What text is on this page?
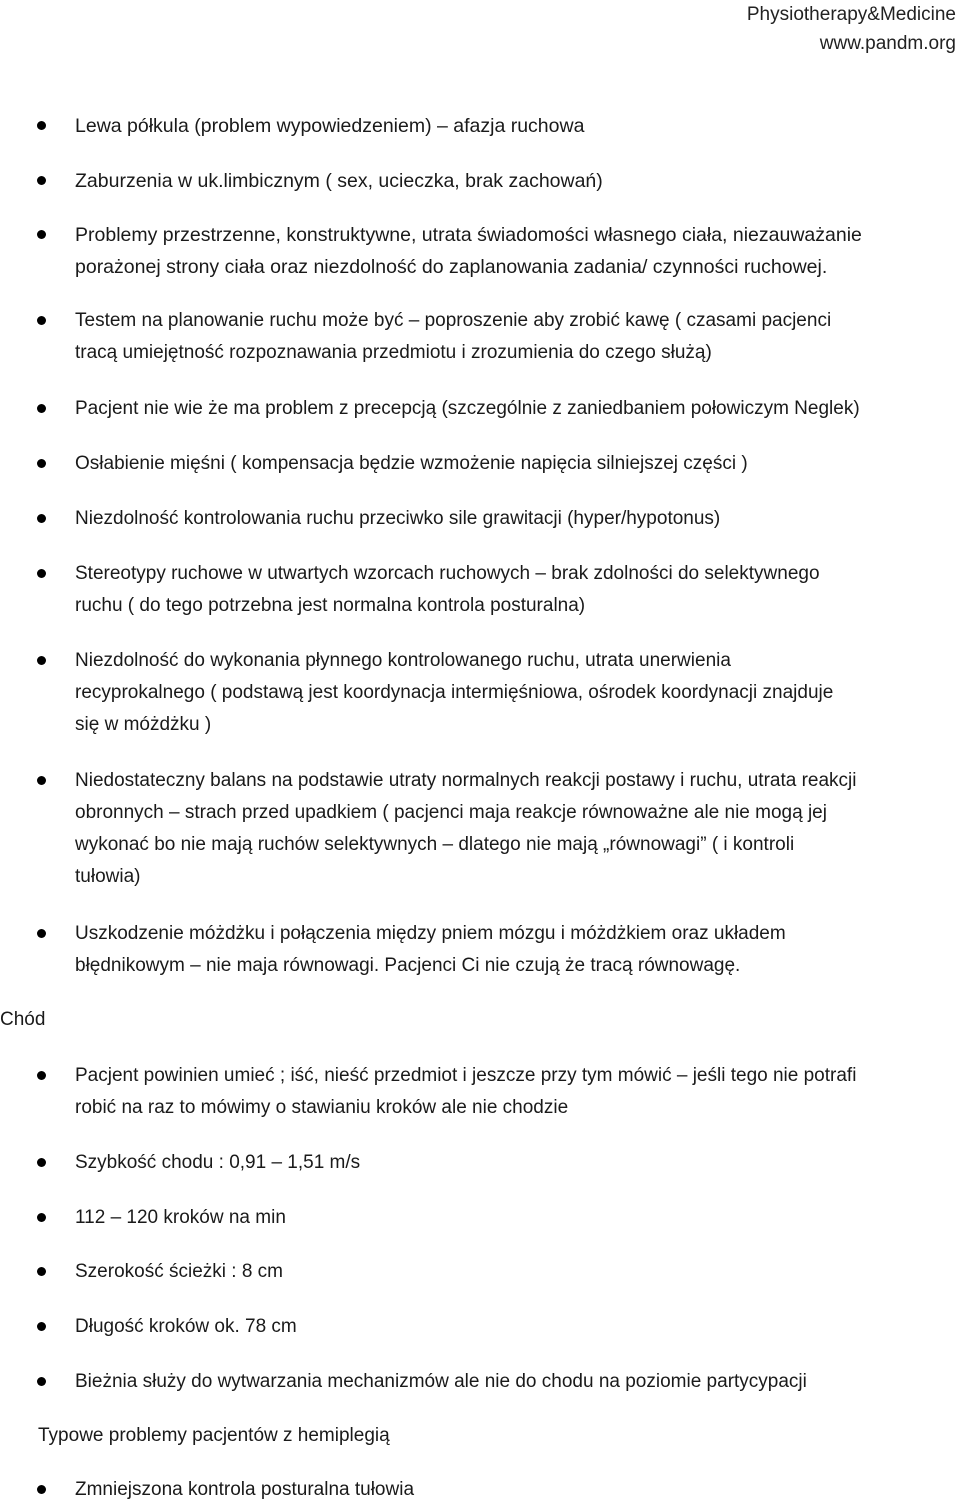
Physiotherapy&Medicine
www.pandm.org
Lewa półkula (problem wypowiedzeniem) – afazja ruchowa
Zaburzenia w uk.limbicznym ( sex, ucieczka, brak zachowań)
Problemy przestrzenne, konstruktywne, utrata świadomości własnego ciała, niezauważanie
porażonej strony ciała oraz niezdolność do zaplanowania zadania/ czynności ruchowej.
Testem na planowanie ruchu może być – poproszenie aby zrobić kawę ( czasami pacjenci
tracą umiejętność rozpoznawania przedmiotu i zrozumienia do czego służą)
Pacjent nie wie że ma problem z precepcją (szczególnie z zaniedbaniem połowiczym Neglek)
Osłabienie mięśni ( kompensacja będzie wzmożenie napięcia silniejszej części )
Niezdolność kontrolowania ruchu przeciwko sile grawitacji (hyper/hypotonus)
Stereotypy ruchowe w utwartych wzorcach ruchowych – brak zdolności do selektywnego
ruchu ( do tego potrzebna jest normalna kontrola posturalna)
Niezdolność do wykonania płynnego kontrolowanego ruchu, utrata unerwienia
recyprokalnego ( podstawą jest koordynacja intermięśniowa, ośrodek koordynacji znajduje
się w móżdżku )
Niedostateczny balans na podstawie utraty normalnych reakcji postawy i ruchu, utrata reakcji
obronnych – strach przed upadkiem ( pacjenci maja reakcje równoważne ale nie mogą jej
wykonać bo nie mają ruchów selektywnych – dlatego nie mają „równowagi” ( i kontroli
tułowia)
Uszkodzenie móżdżku i połączenia między pniem mózgu i móżdżkiem oraz układem
błędnikowym – nie maja równowagi. Pacjenci Ci nie czują że tracą równowagę.
Chód
Pacjent powinien umieć ; iść, nieść przedmiot i jeszcze przy tym mówić – jeśli tego nie potrafi
robić na raz to mówimy o stawianiu kroków ale nie chodzie
Szybkość chodu : 0,91 – 1,51 m/s
112 – 120 kroków na min
Szerokość ścieżki : 8 cm
Długość kroków ok. 78 cm
Bieżnia służy do wytwarzania mechanizmów ale nie do chodu na poziomie partycypacji
Typowe problemy pacjentów z hemiplegią
Zmniejszona kontrola posturalna tułowia
